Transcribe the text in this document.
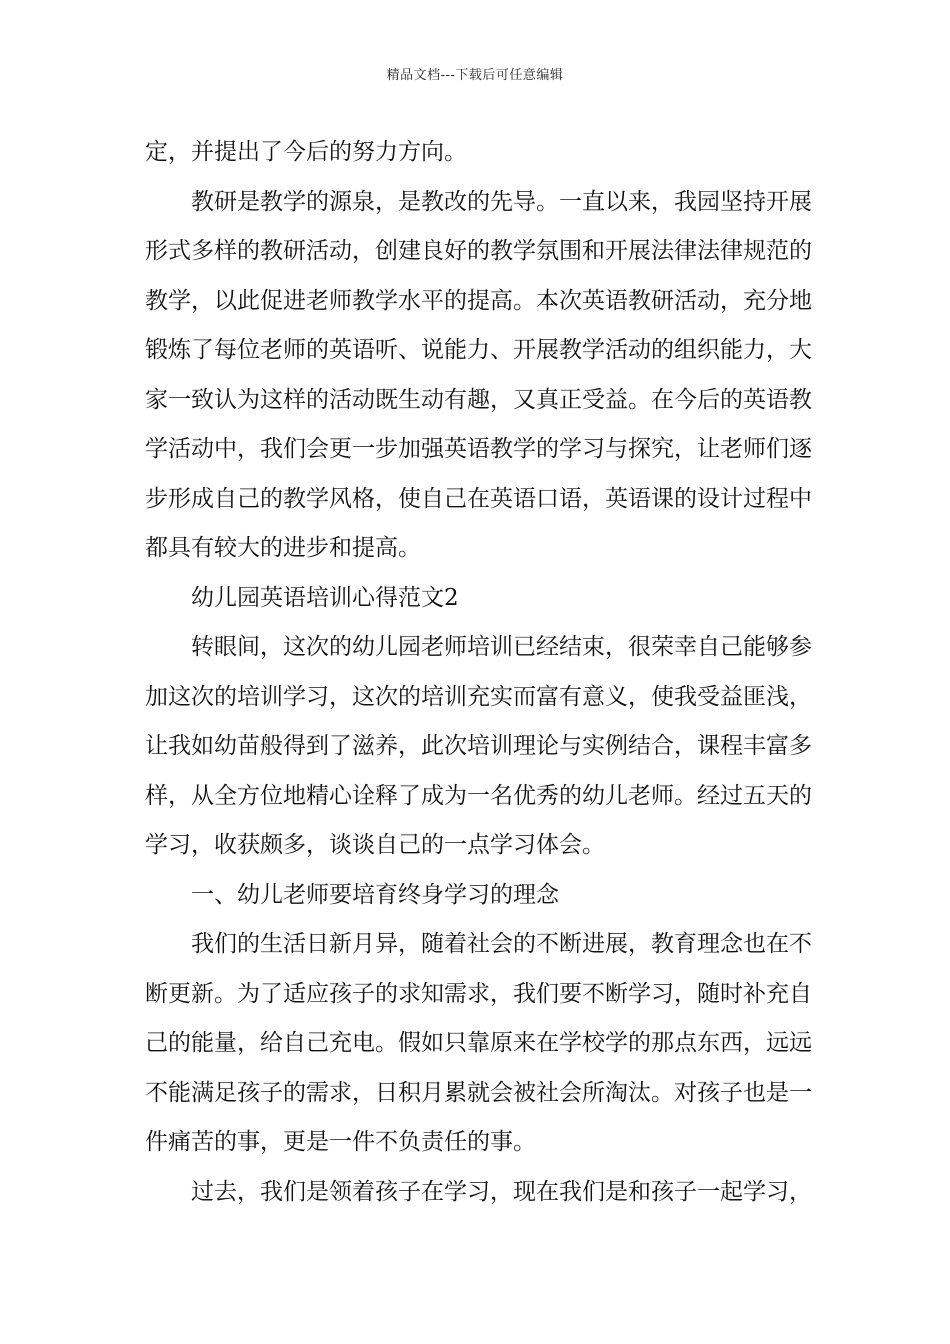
精品文档---下载后可任意编辑
定，并提出了今后的努力方向。
教研是教学的源泉，是教改的先导。一直以来，我园坚持开展
形式多样的教研活动，创建良好的教学氛围和开展法律法律规范的
教学，以此促进老师教学水平的提高。本次英语教研活动，充分地
锻炼了每位老师的英语听、说能力、开展教学活动的组织能力，大
家一致认为这样的活动既生动有趣，又真正受益。在今后的英语教
学活动中，我们会更一步加强英语教学的学习与探究，让老师们逐
步形成自己的教学风格，使自己在英语口语，英语课的设计过程中
都具有较大的进步和提高。
幼儿园英语培训心得范文2
转眼间，这次的幼儿园老师培训已经结束，很荣幸自己能够参
加这次的培训学习，这次的培训充实而富有意义，使我受益匪浅，
让我如幼苗般得到了滋养，此次培训理论与实例结合，课程丰富多
样，从全方位地精心诠释了成为一名优秀的幼儿老师。经过五天的
学习，收获颇多，谈谈自己的一点学习体会。
一、幼儿老师要培育终身学习的理念
我们的生活日新月异，随着社会的不断进展，教育理念也在不
断更新。为了适应孩子的求知需求，我们要不断学习，随时补充自
己的能量，给自己充电。假如只靠原来在学校学的那点东西，远远
不能满足孩子的需求，日积月累就会被社会所淘汰。对孩子也是一
件痛苦的事，更是一件不负责任的事。
过去，我们是领着孩子在学习，现在我们是和孩子一起学习，
